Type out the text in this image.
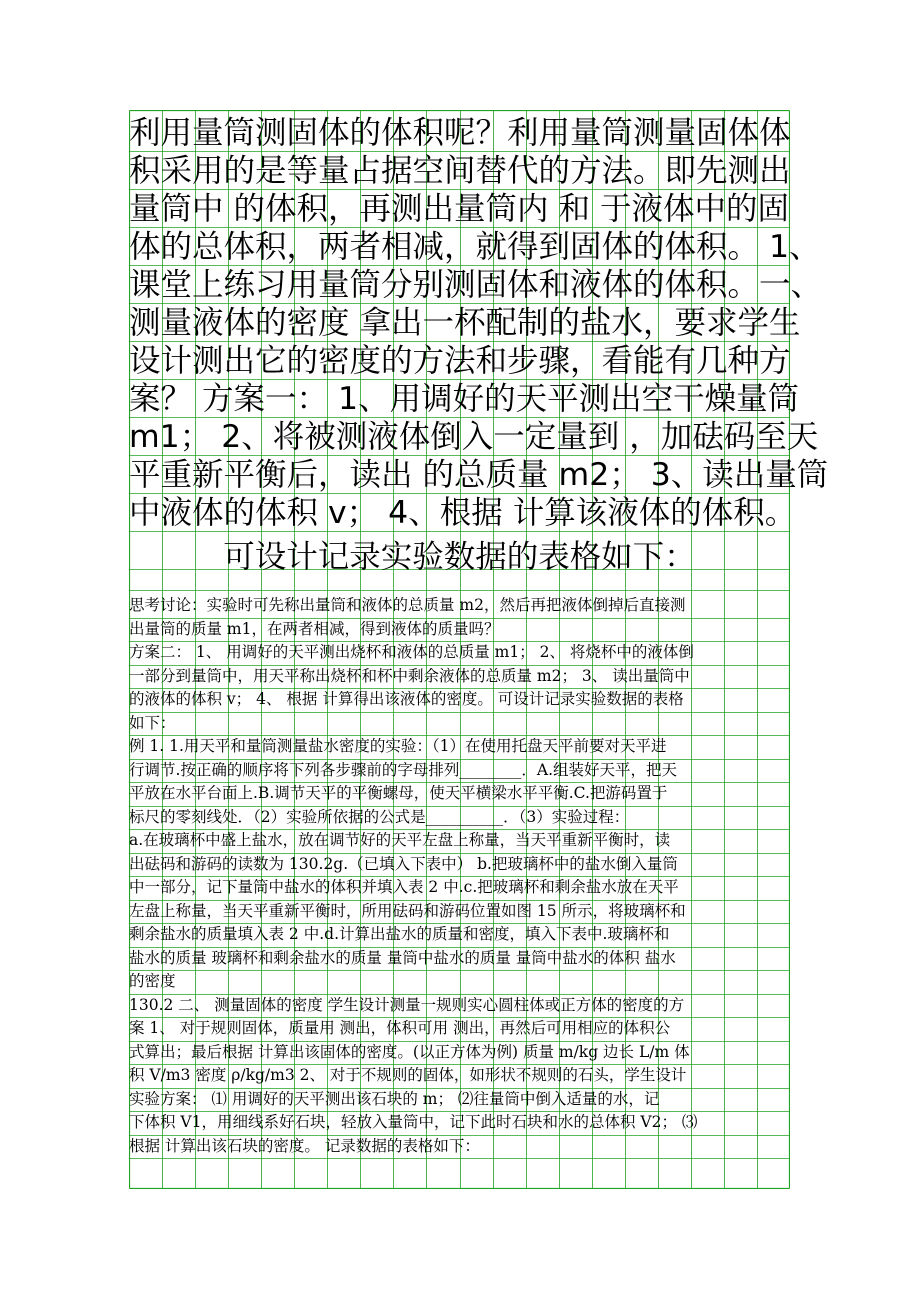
利用量筒测固体的体积呢？利用量筒测量固体体
积采用的是等量占据空间替代的方法。即先测出
量筒中 的体积，再测出量筒内 和 于液体中的固
体的总体积，两者相减，就得到固体的体积。 1、
课堂上练习用量筒分别测固体和液体的体积。一、
测量液体的密度 拿出一杯配制的盐水，要求学生
设计测出它的密度的方法和步骤，看能有几种方
案？ 方案一： 1、用调好的天平测出空干燥量筒
m1； 2、将被测液体倒入一定量到 ，加砝码至天
平重新平衡后，读出 的总质量 m2； 3、读出量筒
中液体的体积 v； 4、根据 计算该液体的体积。
可设计记录实验数据的表格如下：
思考讨论：实验时可先称出量筒和液体的总质量 m2，然后再把液体倒掉后直接测
出量筒的质量 m1，在两者相减，得到液体的质量吗？
方案二： 1、 用调好的天平测出烧杯和液体的总质量 m1； 2、 将烧杯中的液体倒
一部分到量筒中，用天平称出烧杯和杯中剩余液体的总质量 m2； 3、 读出量筒中
的液体的体积 v； 4、 根据 计算得出该液体的密度。 可设计记录实验数据的表格
如下：
例 1. 1.用天平和量筒测量盐水密度的实验：（1）在使用托盘天平前要对天平进
行调节.按正确的顺序将下列各步骤前的字母排列________．A.组装好天平，把天
平放在水平台面上.B.调节天平的平衡螺母，使天平横梁水平平衡.C.把游码置于
标尺的零刻线处．（2）实验所依据的公式是__________．（3）实验过程：
a.在玻璃杯中盛上盐水，放在调节好的天平左盘上称量，当天平重新平衡时，读
出砝码和游码的读数为 130.2g.（已填入下表中） b.把玻璃杯中的盐水倒入量筒
中一部分，记下量筒中盐水的体积并填入表 2 中.c.把玻璃杯和剩余盐水放在天平
左盘上称量，当天平重新平衡时，所用砝码和游码位置如图 15 所示，将玻璃杯和
剩余盐水的质量填入表 2 中.d.计算出盐水的质量和密度，填入下表中.玻璃杯和
盐水的质量 玻璃杯和剩余盐水的质量 量筒中盐水的质量 量筒中盐水的体积 盐水
的密度
130.2 二、 测量固体的密度 学生设计测量一规则实心圆柱体或正方体的密度的方
案 1、 对于规则固体，质量用 测出，体积可用 测出，再然后可用相应的体积公
式算出；最后根据 计算出该固体的密度。(以正方体为例) 质量 m/kg 边长 L/m 体
积 V/m3 密度 ρ/kg/m3 2、 对于不规则的固体，如形状不规则的石头，学生设计
实验方案： ⑴ 用调好的天平测出该石块的 m； ⑵往量筒中倒入适量的水，记
下体积 V1，用细线系好石块，轻放入量筒中，记下此时石块和水的总体积 V2； ⑶
根据 计算出该石块的密度。 记录数据的表格如下：
